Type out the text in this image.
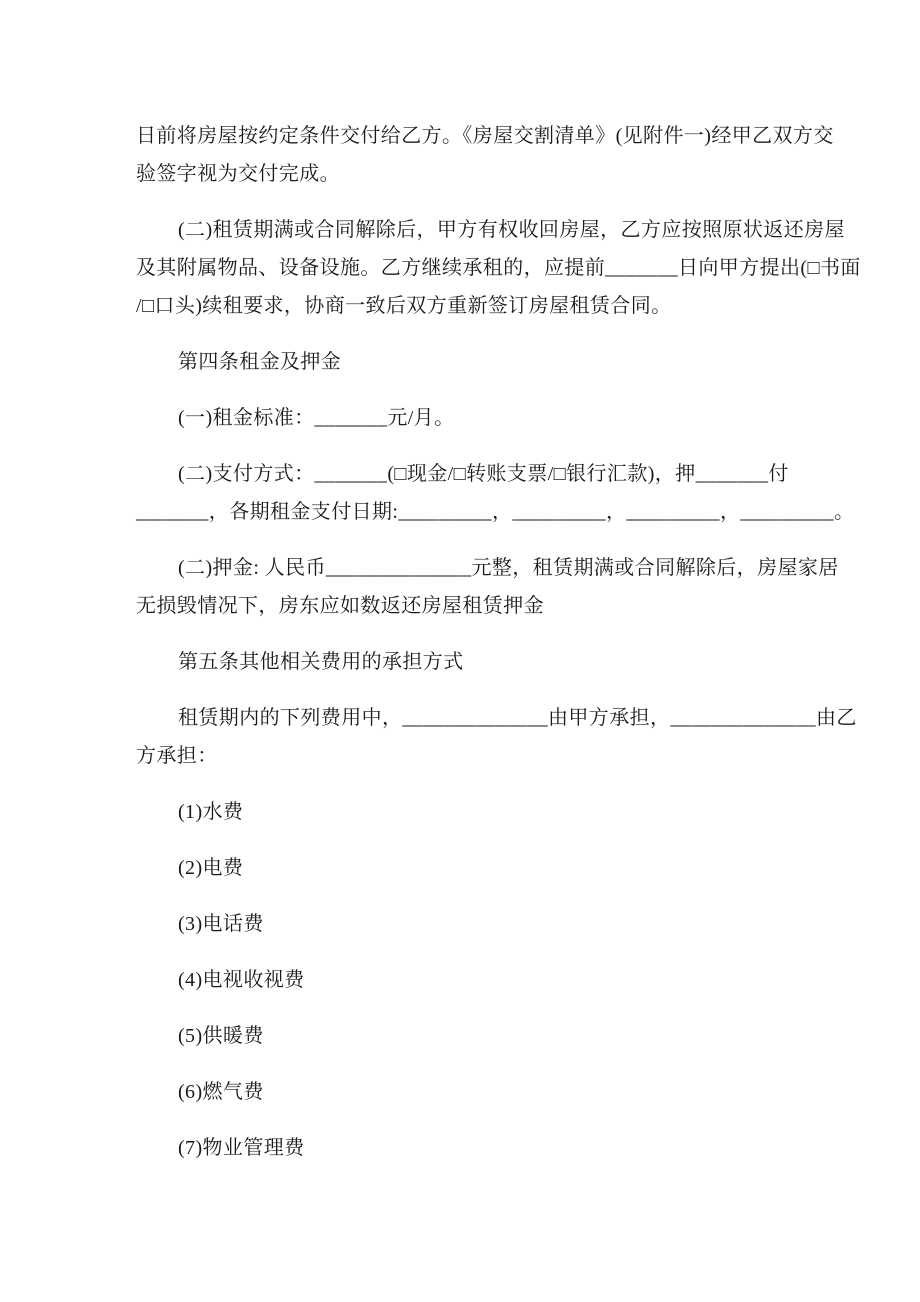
日前将房屋按约定条件交付给乙方。《房屋交割清单》(见附件一)经甲乙双方交
验签字视为交付完成。
(二)租赁期满或合同解除后，甲方有权收回房屋，乙方应按照原状返还房屋
及其附属物品、设备设施。乙方继续承租的，应提前_______日向甲方提出(□书面
/□口头)续租要求，协商一致后双方重新签订房屋租赁合同。
第四条租金及押金
(一)租金标准：_______元/月。
(二)支付方式：_______(□现金/□转账支票/□银行汇款)，押_______付
_______，各期租金支付日期:_________，_________，_________，_________。
(二)押金: 人民币______________元整，租赁期满或合同解除后，房屋家居
无损毁情况下，房东应如数返还房屋租赁押金
第五条其他相关费用的承担方式
租赁期内的下列费用中，______________由甲方承担，______________由乙
方承担：
(1)水费
(2)电费
(3)电话费
(4)电视收视费
(5)供暖费
(6)燃气费
(7)物业管理费
